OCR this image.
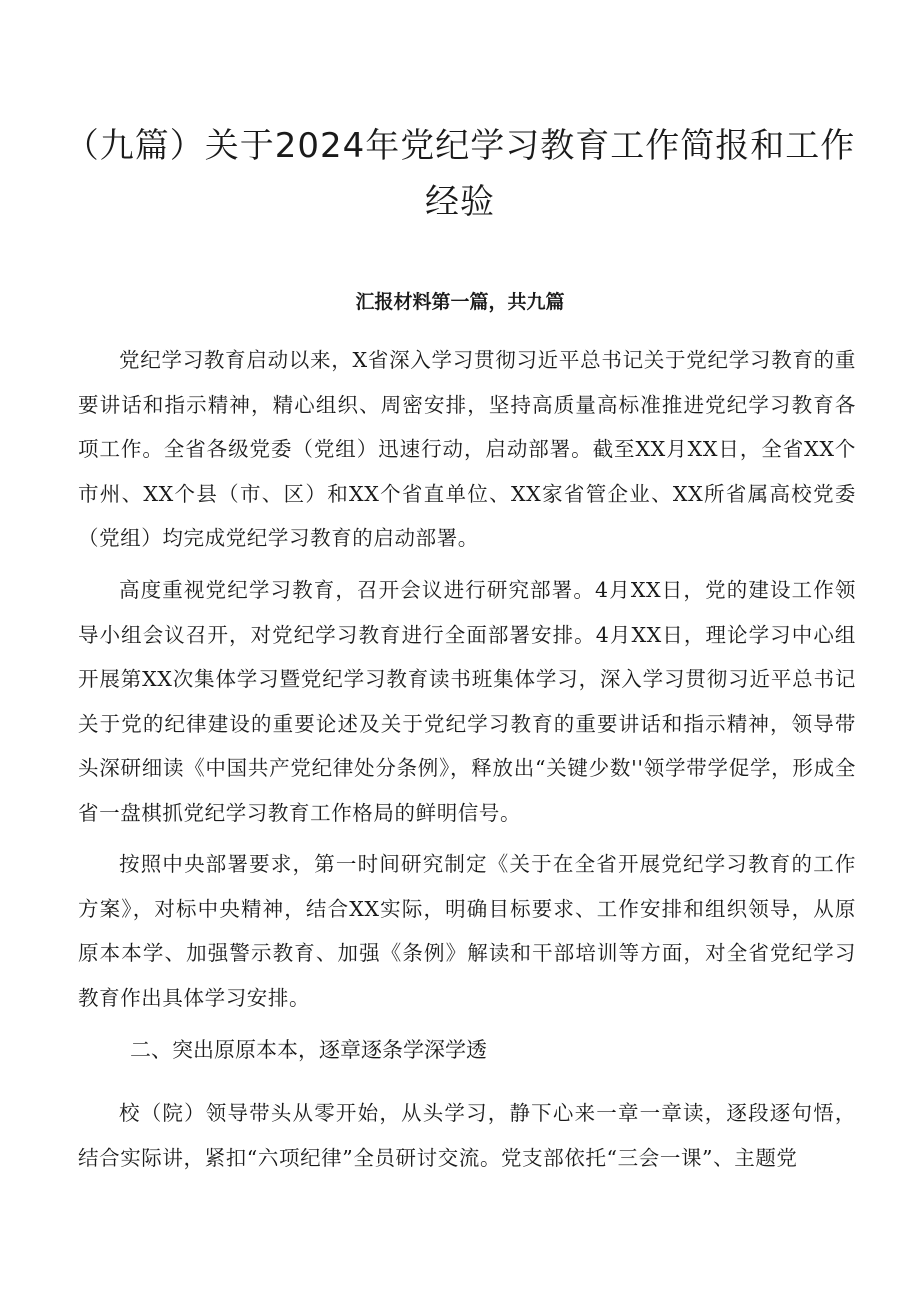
（九篇）关于2024年党纪学习教育工作简报和工作
经验
汇报材料第一篇，共九篇

党纪学习教育启动以来，X省深入学习贯彻习近平总书记关于党纪学习教育的重要讲话和指示精神，精心组织、周密安排，坚持高质量高标准推进党纪学习教育各项工作。全省各级党委（党组）迅速行动，启动部署。截至XX月XX日，全省XX个市州、XX个县（市、区）和XX个省直单位、XX家省管企业、XX所省属高校党委（党组）均完成党纪学习教育的启动部署。

高度重视党纪学习教育，召开会议进行研究部署。4月XX日，党的建设工作领导小组会议召开，对党纪学习教育进行全面部署安排。4月XX日，理论学习中心组开展第XX次集体学习暨党纪学习教育读书班集体学习，深入学习贯彻习近平总书记关于党的纪律建设的重要论述及关于党纪学习教育的重要讲话和指示精神，领导带头深研细读《中国共产党纪律处分条例》，释放出“关键少数''领学带学促学，形成全省一盘棋抓党纪学习教育工作格局的鲜明信号。

按照中央部署要求，第一时间研究制定《关于在全省开展党纪学习教育的工作方案》，对标中央精神，结合XX实际，明确目标要求、工作安排和组织领导，从原原本本学、加强警示教育、加强《条例》解读和干部培训等方面，对全省党纪学习教育作出具体学习安排。

二、突出原原本本，逐章逐条学深学透

校（院）领导带头从零开始，从头学习，静下心来一章一章读，逐段逐句悟，结合实际讲，紧扣“六项纪律”全员研讨交流。党支部依托“三会一课”、主题党
